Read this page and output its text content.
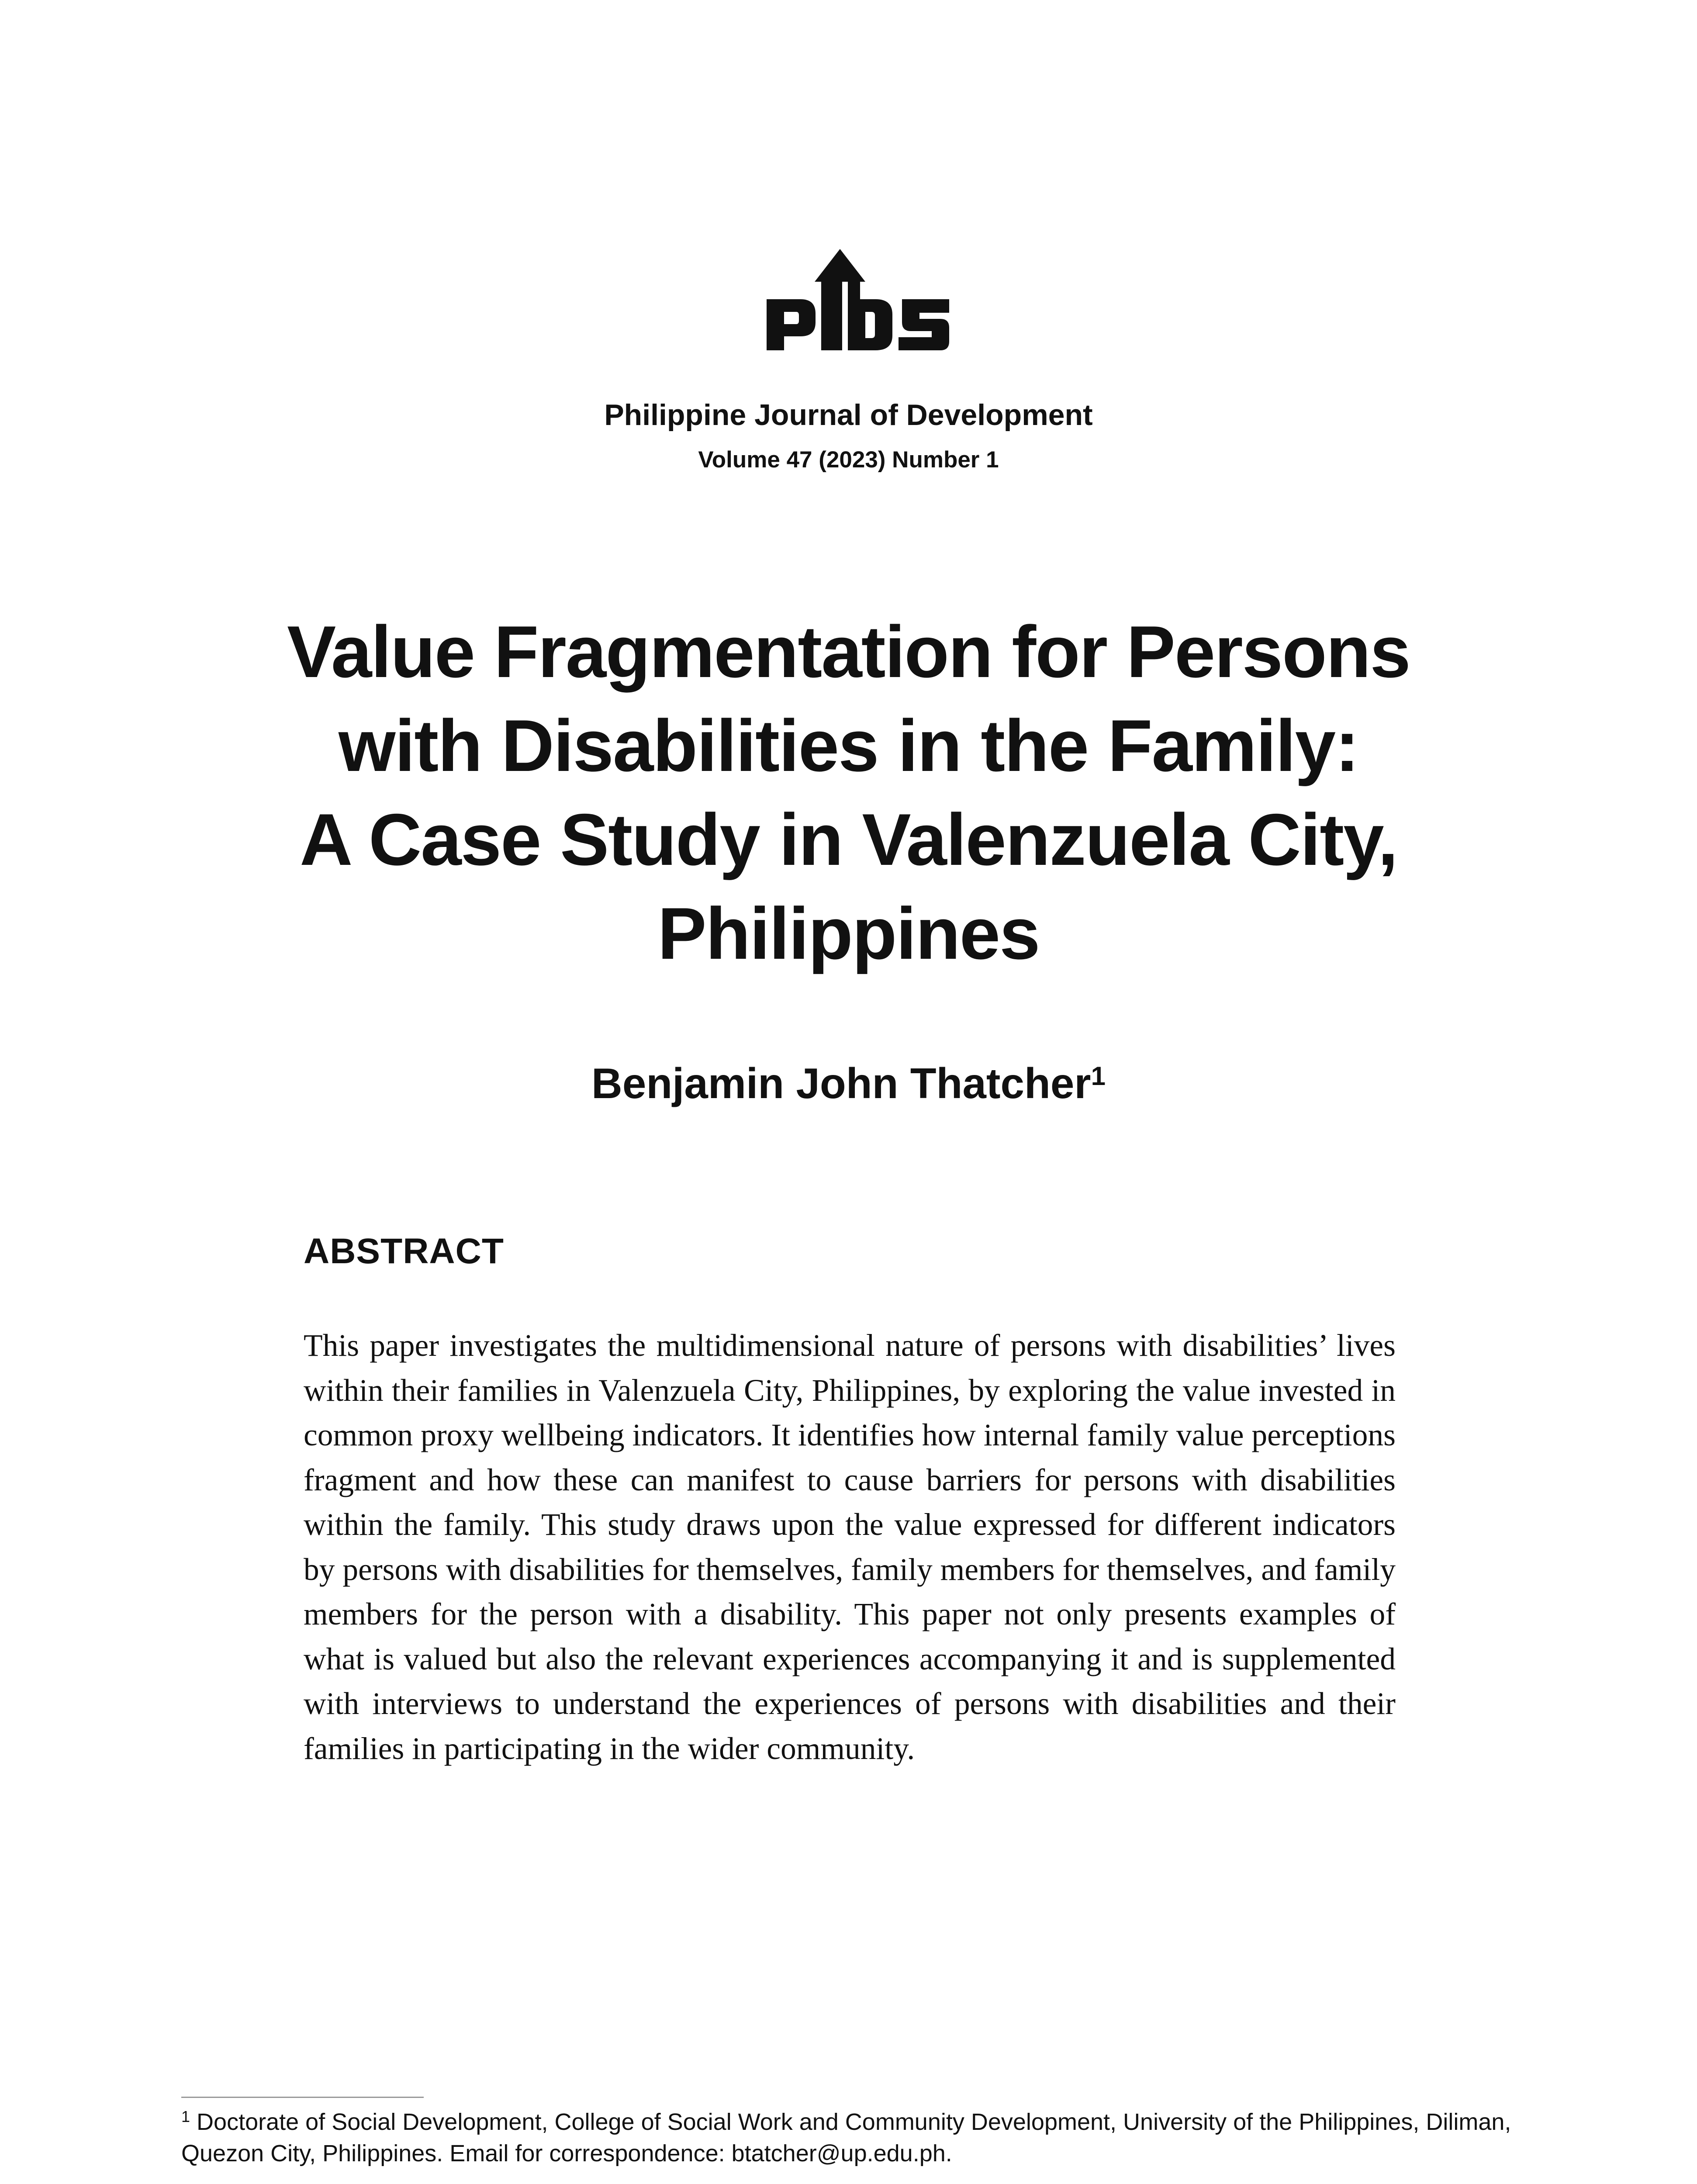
Philippine Journal of Development

Volume 47 (2023) Number 1

Value Fragmentation for Persons
with Disabilities in the Family:
A Case Study in Valenzuela City,
Philippines

Benjamin John Thatcher$^1$

ABSTRACT

This paper investigates the multidimensional nature of persons with disabilities’ lives within their families in Valenzuela City, Philippines, by exploring the value invested in common proxy wellbeing indicators. It identifies how internal family value perceptions fragment and how these can manifest to cause barriers for persons with disabilities within the family. This study draws upon the value expressed for different indicators by persons with disabilities for themselves, family members for themselves, and family members for the person with a disability. This paper not only presents examples of what is valued but also the relevant experiences accompanying it and is supplemented with interviews to understand the experiences of persons with disabilities and their families in participating in the wider community.

$^1$ Doctorate of Social Development, College of Social Work and Community Development, University of the Philippines, Diliman, Quezon City, Philippines. Email for correspondence: btatcher@up.edu.ph.
